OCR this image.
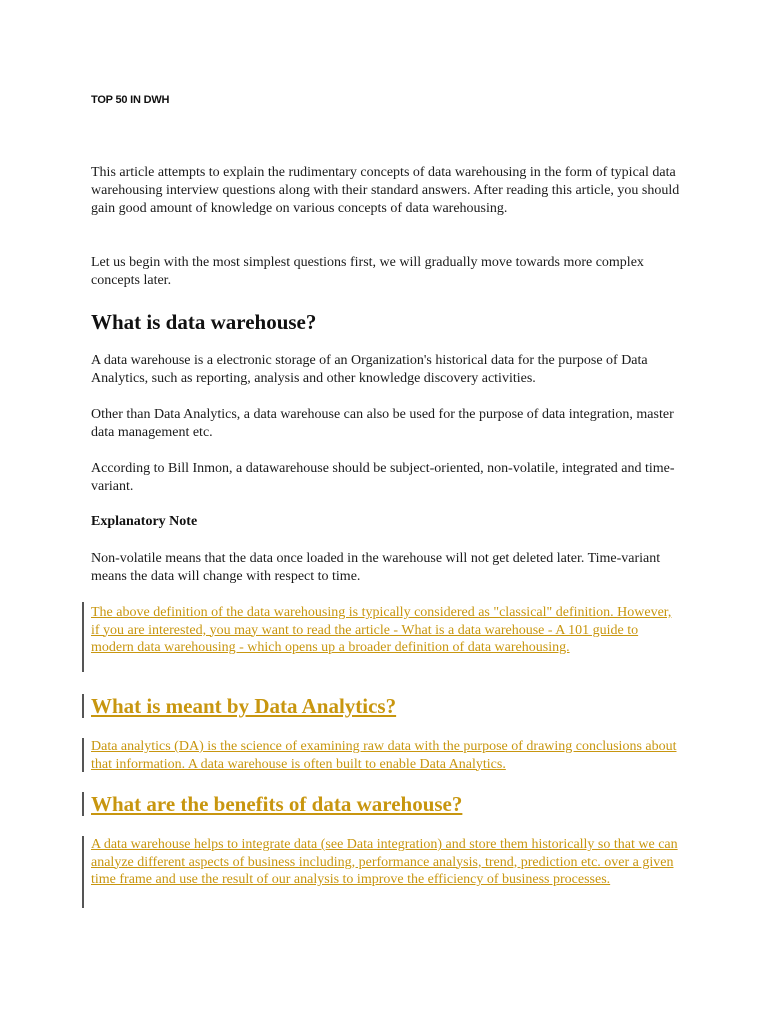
TOP 50 IN DWH
This article attempts to explain the rudimentary concepts of data warehousing in the form of typical data warehousing interview questions along with their standard answers. After reading this article, you should gain good amount of knowledge on various concepts of data warehousing.
Let us begin with the most simplest questions first, we will gradually move towards more complex concepts later.
What is data warehouse?
A data warehouse is a electronic storage of an Organization's historical data for the purpose of Data Analytics, such as reporting, analysis and other knowledge discovery activities.
Other than Data Analytics, a data warehouse can also be used for the purpose of data integration, master data management etc.
According to Bill Inmon, a datawarehouse should be subject-oriented, non-volatile, integrated and time-variant.
Explanatory Note
Non-volatile means that the data once loaded in the warehouse will not get deleted later. Time-variant means the data will change with respect to time.
The above definition of the data warehousing is typically considered as "classical" definition. However, if you are interested, you may want to read the article - What is a data warehouse - A 101 guide to modern data warehousing - which opens up a broader definition of data warehousing.
What is meant by Data Analytics?
Data analytics (DA) is the science of examining raw data with the purpose of drawing conclusions about that information. A data warehouse is often built to enable Data Analytics.
What are the benefits of data warehouse?
A data warehouse helps to integrate data (see Data integration) and store them historically so that we can analyze different aspects of business including, performance analysis, trend, prediction etc. over a given time frame and use the result of our analysis to improve the efficiency of business processes.
